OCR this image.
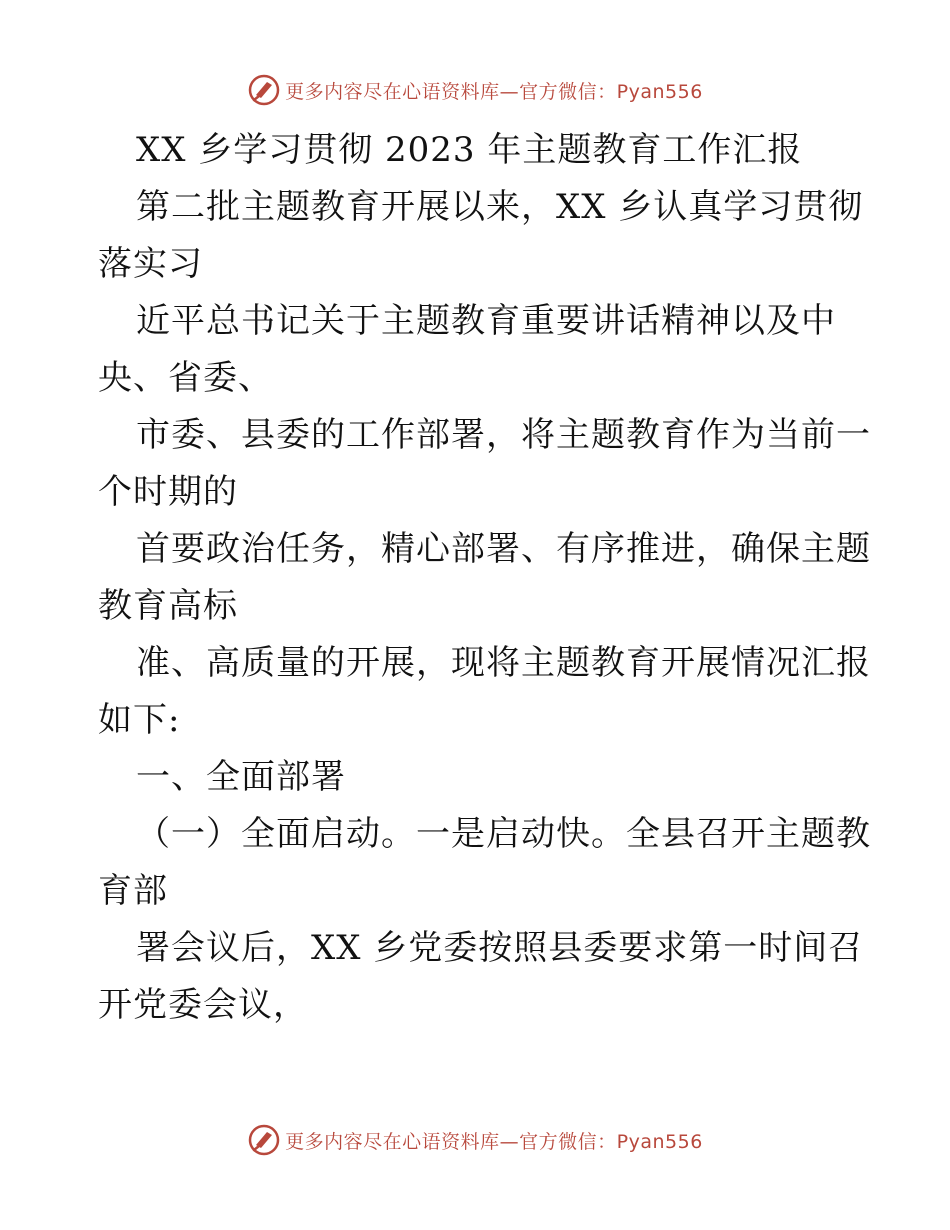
更多内容尽在心语资料库—官方微信：Pyan556
XX 乡学习贯彻 2023 年主题教育工作汇报
第二批主题教育开展以来，XX 乡认真学习贯彻
落实习
近平总书记关于主题教育重要讲话精神以及中
央、省委、
市委、县委的工作部署，将主题教育作为当前一
个时期的
首要政治任务，精心部署、有序推进，确保主题
教育高标
准、高质量的开展，现将主题教育开展情况汇报
如下:
一、全面部署
（一）全面启动。一是启动快。全县召开主题教
育部
署会议后，XX 乡党委按照县委要求第一时间召
开党委会议，
更多内容尽在心语资料库—官方微信：Pyan556
